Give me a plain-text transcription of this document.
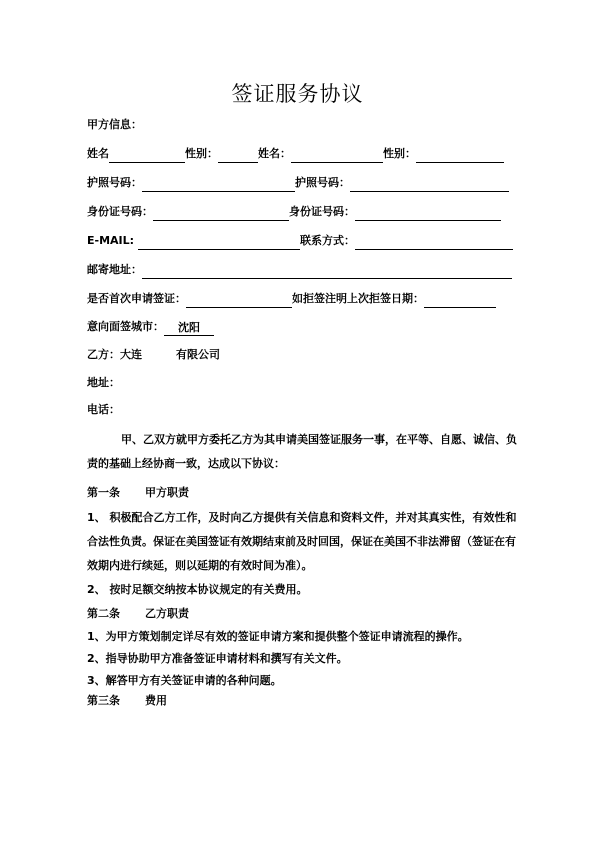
签证服务协议
甲方信息：
姓名	性别：	姓名：	性别：
护照号码：	护照号码：
身份证号码：	身份证号码：
E-MAIL:	联系方式：
邮寄地址：
是否首次申请签证：	如拒签注明上次拒签日期：
意向面签城市：	沈阳
乙方：大连	有限公司
地址：
电话：
甲、乙双方就甲方委托乙方为其申请美国签证服务一事，在平等、自愿、诚信、负责的基础上经协商一致，达成以下协议：
第一条	甲方职责
1、 积极配合乙方工作，及时向乙方提供有关信息和资料文件，并对其真实性，有效性和合法性负责。保证在美国签证有效期结束前及时回国，保证在美国不非法滞留（签证在有效期内进行续延，则以延期的有效时间为准）。
2、 按时足额交纳按本协议规定的有关费用。
第二条	乙方职责
1、为甲方策划制定详尽有效的签证申请方案和提供整个签证申请流程的操作。
2、指导协助甲方准备签证申请材料和撰写有关文件。
3、解答甲方有关签证申请的各种问题。
第三条	费用
